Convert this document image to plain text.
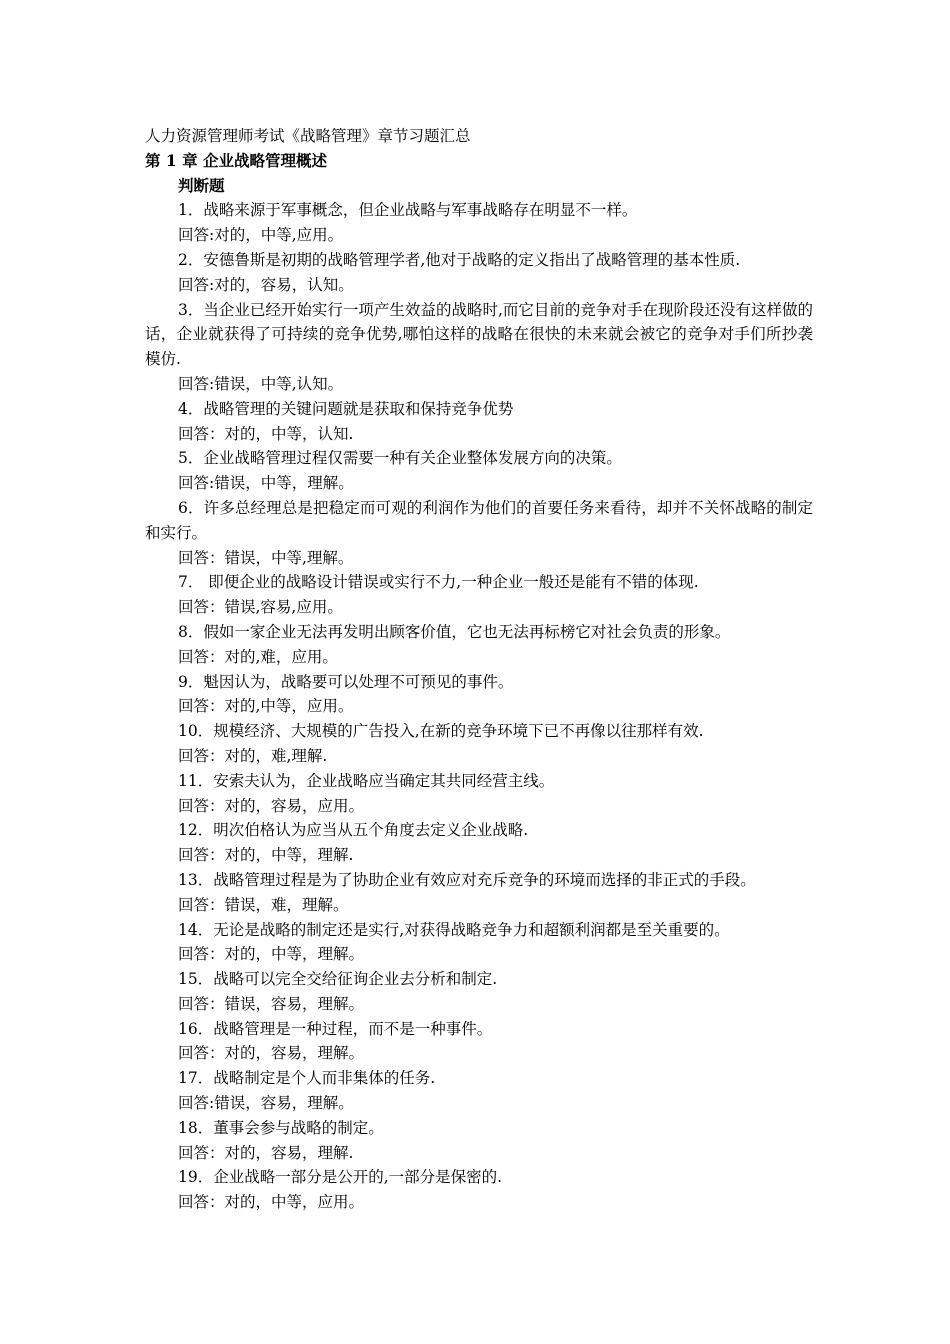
人力资源管理师考试《战略管理》章节习题汇总

第 1 章 企业战略管理概述

判断题

1．战略来源于军事概念，但企业战略与军事战略存在明显不一样。

回答:对的，中等,应用。

2．安德鲁斯是初期的战略管理学者,他对于战略的定义指出了战略管理的基本性质.

回答:对的，容易，认知。

3．当企业已经开始实行一项产生效益的战略时,而它目前的竞争对手在现阶段还没有这样做的话，企业就获得了可持续的竞争优势,哪怕这样的战略在很快的未来就会被它的竞争对手们所抄袭模仿.

回答:错误，中等,认知。

4．战略管理的关键问题就是获取和保持竞争优势

回答：对的，中等，认知.

5．企业战略管理过程仅需要一种有关企业整体发展方向的决策。

回答:错误，中等，理解。

6．许多总经理总是把稳定而可观的利润作为他们的首要任务来看待，却并不关怀战略的制定和实行。

回答：错误，中等,理解。

7． 即便企业的战略设计错误或实行不力,一种企业一般还是能有不错的体现.

回答：错误,容易,应用。

8．假如一家企业无法再发明出顾客价值，它也无法再标榜它对社会负责的形象。

回答：对的,难，应用。

9．魁因认为，战略要可以处理不可预见的事件。

回答：对的,中等，应用。

10．规模经济、大规模的广告投入,在新的竞争环境下已不再像以往那样有效.

回答：对的，难,理解.

11．安索夫认为，企业战略应当确定其共同经营主线。

回答：对的，容易，应用。

12．明次伯格认为应当从五个角度去定义企业战略.

回答：对的，中等，理解.

13．战略管理过程是为了协助企业有效应对充斥竞争的环境而选择的非正式的手段。

回答：错误，难，理解。

14．无论是战略的制定还是实行,对获得战略竞争力和超额利润都是至关重要的。

回答：对的，中等，理解。

15．战略可以完全交给征询企业去分析和制定.

回答：错误，容易，理解。

16．战略管理是一种过程，而不是一种事件。

回答：对的，容易，理解。

17．战略制定是个人而非集体的任务.

回答:错误，容易，理解。

18．董事会参与战略的制定。

回答：对的，容易，理解.

19．企业战略一部分是公开的,一部分是保密的.

回答：对的，中等，应用。
